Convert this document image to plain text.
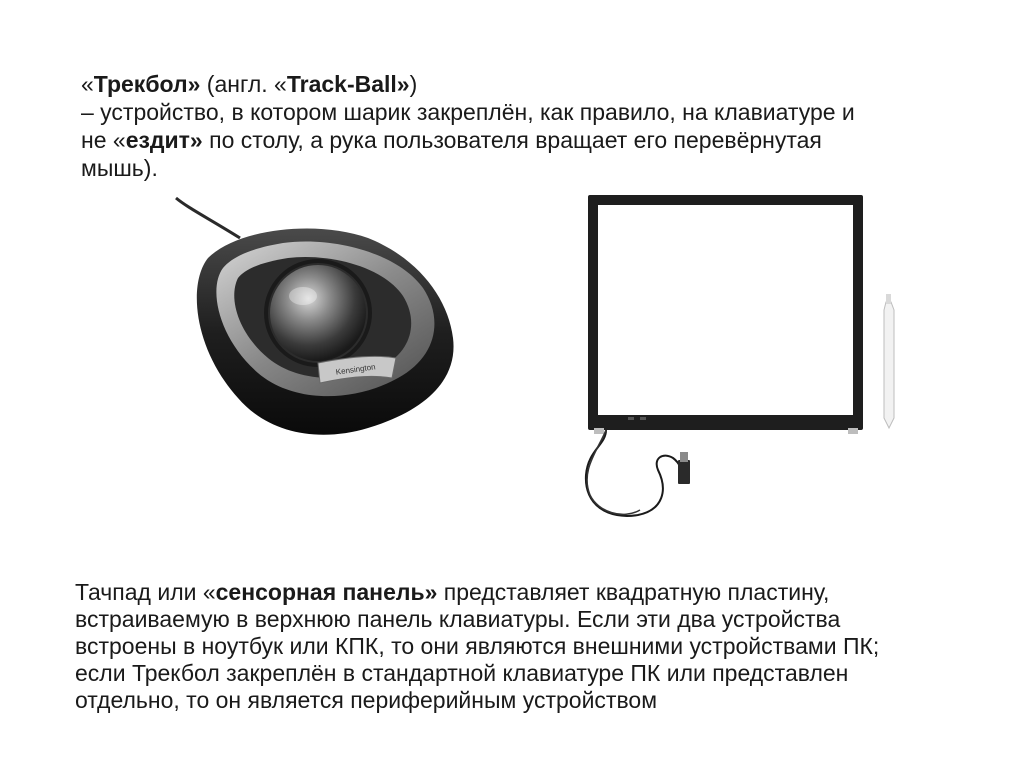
«Трекбол» (англ. «Track-Ball»)
– устройство, в котором шарик закреплён, как правило, на клавиатуре и
не «ездит» по столу, а рука пользователя вращает его перевёрнутая
мышь).
Kensington
Тачпад или «сенсорная панель» представляет квадратную пластину,
встраиваемую в верхнюю панель клавиатуры. Если эти два устройства
встроены в ноутбук или КПК, то они являются внешними устройствами ПК;
если Трекбол закреплён в стандартной клавиатуре ПК или представлен
отдельно, то он является периферийным устройством
